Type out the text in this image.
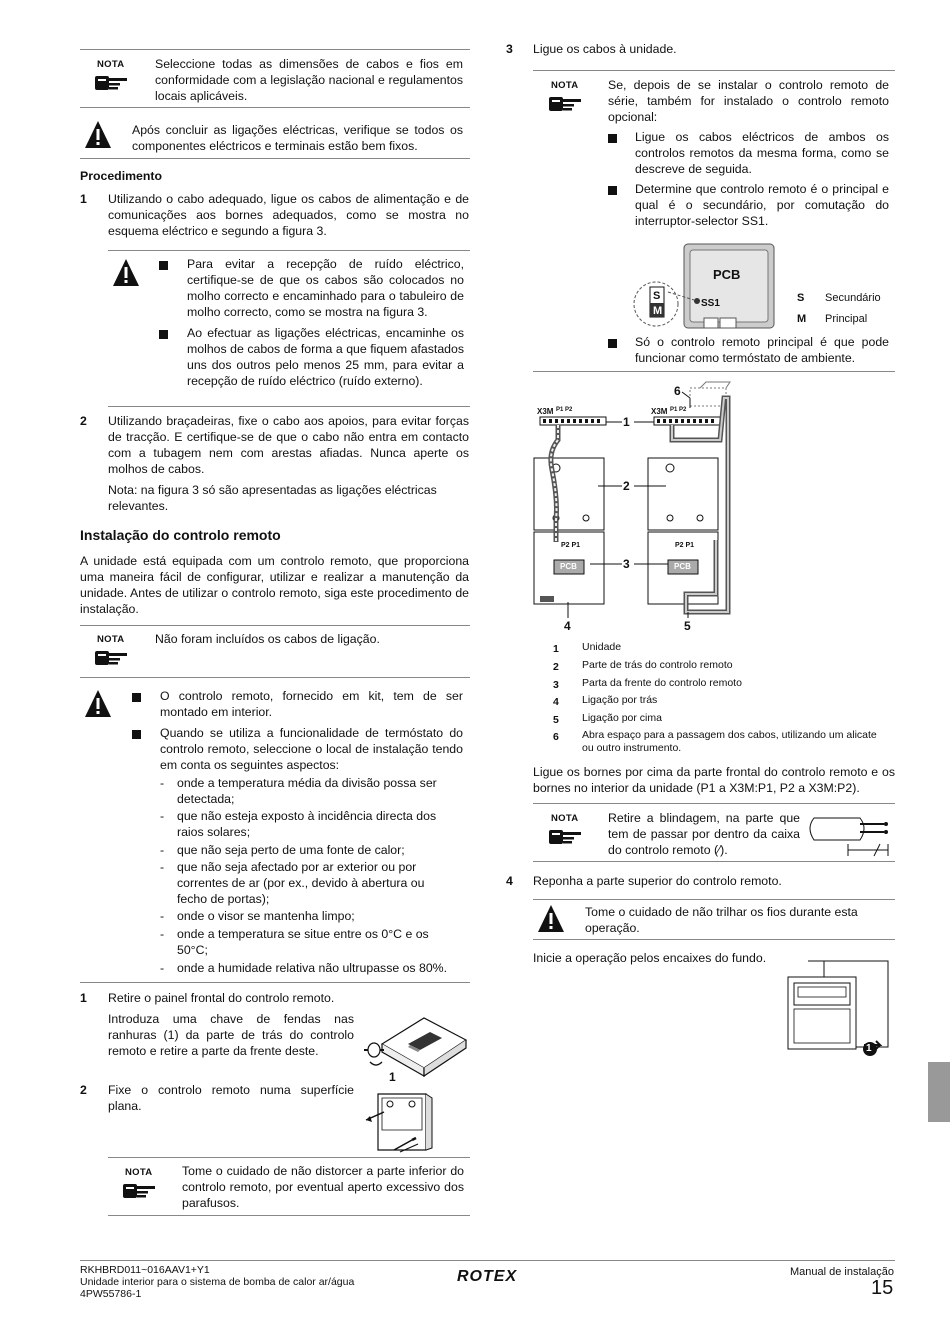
NOTA Seleccione todas as dimensões de cabos e fios em conformidade com a legislação nacional e regulamentos locais aplicáveis.

Após concluir as ligações eléctricas, verifique se todos os componentes eléctricos e terminais estão bem fixos.

Procedimento
1 Utilizando o cabo adequado, ligue os cabos de alimentação e de comunicações aos bornes adequados, como se mostra no esquema eléctrico e segundo a figura 3.

Para evitar a recepção de ruído eléctrico, certifique-se de que os cabos são colocados no molho correcto e encaminhado para o tabuleiro de molho correcto, como se mostra na figura 3.

Ao efectuar as ligações eléctricas, encaminhe os molhos de cabos de forma a que fiquem afastados uns dos outros pelo menos 25 mm, para evitar a recepção de ruído eléctrico (ruído externo).

2 Utilizando braçadeiras, fixe o cabo aos apoios, para evitar forças de tracção. E certifique-se de que o cabo não entra em contacto com a tubagem nem com arestas afiadas. Nunca aperte os molhos de cabos.

Nota: na figura 3 só são apresentadas as ligações eléctricas relevantes.

Instalação do controlo remoto

A unidade está equipada com um controlo remoto, que proporciona uma maneira fácil de configurar, utilizar e realizar a manutenção da unidade. Antes de utilizar o controlo remoto, siga este procedimento de instalação.

NOTA Não foram incluídos os cabos de ligação.

O controlo remoto, fornecido em kit, tem de ser montado em interior.

Quando se utiliza a funcionalidade de termóstato do controlo remoto, seleccione o local de instalação tendo em conta os seguintes aspectos:

- onde a temperatura média da divisão possa ser detectada;

- que não esteja exposto à incidência directa dos raios solares;

- que não seja perto de uma fonte de calor;

- que não seja afectado por ar exterior ou por correntes de ar (por ex., devido à abertura ou fecho de portas);

- onde o visor se mantenha limpo;

- onde a temperatura se situe entre os 0°C e os 50°C;

- onde a humidade relativa não ultrupasse os 80%.

1 Retire o painel frontal do controlo remoto.

Introduza uma chave de fendas nas ranhuras (1) da parte de trás do controlo remoto e retire a parte da frente deste.

1
2 Fixe o controlo remoto numa superfície plana.

NOTA Tome o cuidado de não distorcer a parte inferior do controlo remoto, por eventual aperto excessivo dos parafusos.

3 Ligue os cabos à unidade.

NOTA Se, depois de se instalar o controlo remoto de série, também for instalado o controlo remoto opcional:

Ligue os cabos eléctricos de ambos os controlos remotos da mesma forma, como se descreve de seguida.

Determine que controlo remoto é o principal e qual é o secundário, por comutação do interruptor-selector SS1.

PCB
SS1
S
M
S Secundário
M Principal

Só o controlo remoto principal é que pode funcionar como termóstato de ambiente.

X3M	X3M
P1 P2	P1 P2
P2 P1	P2 P1
PCB	PCB
1
2
3
4	5
6
1 Unidade
2 Parte de trás do controlo remoto
3 Parta da frente do controlo remoto
4 Ligação por trás
5 Ligação por cima
6 Abra espaço para a passagem dos cabos, utilizando um alicate ou outro instrumento.

Ligue os bornes por cima da parte frontal do controlo remoto e os bornes no interior da unidade (P1 a X3M:P1, P2 a X3M:P2).

NOTA Retire a blindagem, na parte que tem de passar por dentro da caixa do controlo remoto (⁄).

4 Reponha a parte superior do controlo remoto.

Tome o cuidado de não trilhar os fios durante esta operação.

Inicie a operação pelos encaixes do fundo.

1
RKHBRD011~016AAV1+Y1
Unidade interior para o sistema de bomba de calor ar/água
4PW55786-1
ROTEX	Manual de instalação
15
